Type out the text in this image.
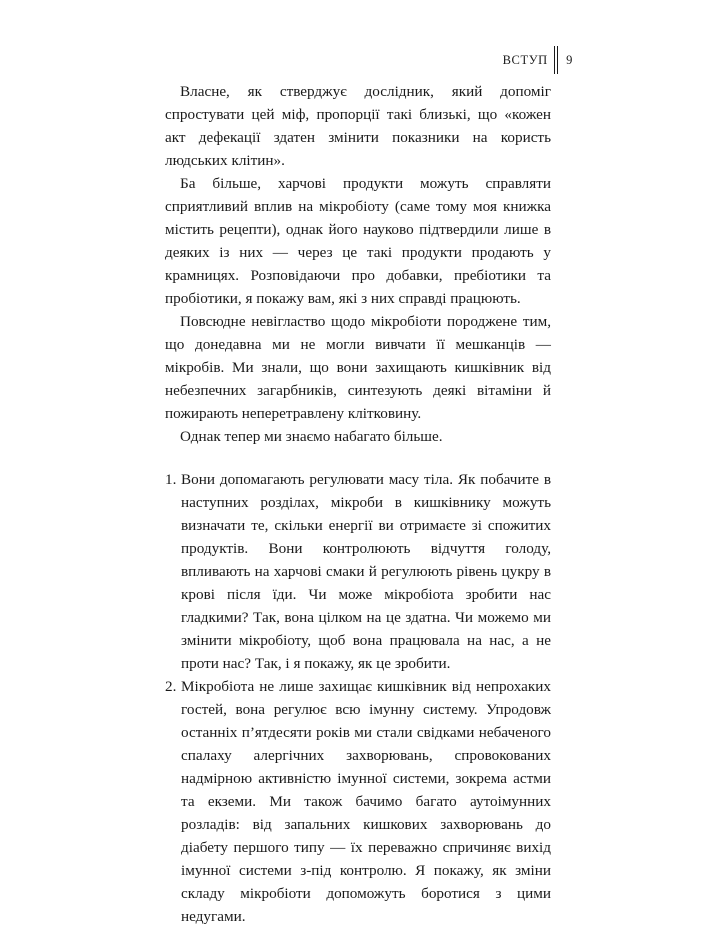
ВСТУП 9

Власне, як стверджує дослідник, який допоміг спростувати цей міф, пропорції такі близькі, що «кожен акт дефекації здатен змінити показники на користь людських клітин».

Ба більше, харчові продукти можуть справляти сприятливий вплив на мікробіоту (саме тому моя книжка містить рецепти), однак його науково підтвердили лише в деяких із них — через це такі продукти продають у крамницях. Розповідаючи про добавки, пребіотики та пробіотики, я покажу вам, які з них справді працюють.

Повсюдне невігластво щодо мікробіоти породжене тим, що донедавна ми не могли вивчати її мешканців — мікробів. Ми знали, що вони захищають кишківник від небезпечних загарбників, синтезують деякі вітаміни й пожирають неперетравлену клітковину.

Однак тепер ми знаємо набагато більше.

1. Вони допомагають регулювати масу тіла. Як побачите в наступних розділах, мікроби в кишківнику можуть визначати те, скільки енергії ви отримаєте зі спожитих продуктів. Вони контролюють відчуття голоду, впливають на харчові смаки й регулюють рівень цукру в крові після їди. Чи може мікробіота зробити нас гладкими? Так, вона цілком на це здатна. Чи можемо ми змінити мікробіоту, щоб вона працювала на нас, а не проти нас? Так, і я покажу, як це зробити.
2. Мікробіота не лише захищає кишківник від непрохаких гостей, вона регулює всю імунну систему. Упродовж останніх п’ятдесяти років ми стали свідками небаченого спалаху алергічних захворювань, спровокованих надмірною активністю імунної системи, зокрема астми та екземи. Ми також бачимо багато аутоімунних розладів: від запальних кишкових захворювань до діабету першого типу — їх переважно спричиняє вихід імунної системи з-під контролю. Я покажу, як зміни складу мікробіоти допоможуть боротися з цими недугами.
